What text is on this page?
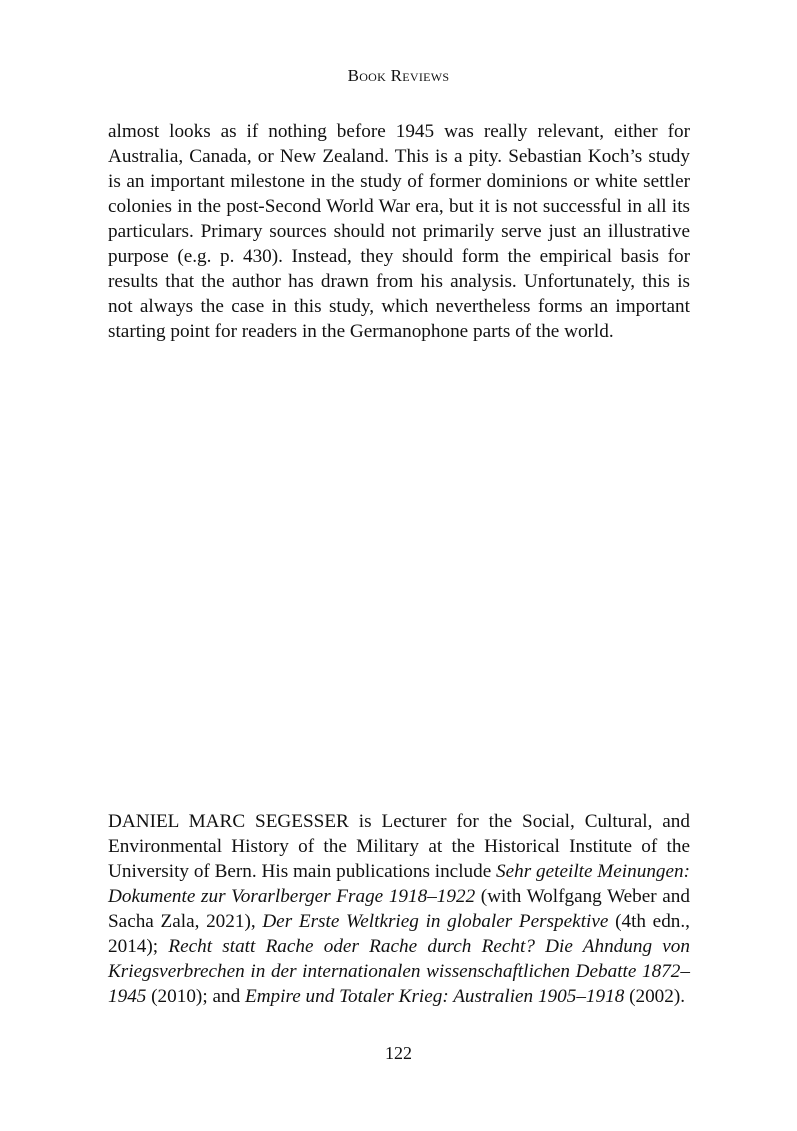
Book Reviews

almost looks as if nothing before 1945 was really relevant, either for Australia, Canada, or New Zealand. This is a pity. Sebastian Koch’s study is an important milestone in the study of former dominions or white settler colonies in the post-Second World War era, but it is not successful in all its particulars. Primary sources should not primarily serve just an illustrative purpose (e.g. p. 430). Instead, they should form the empirical basis for results that the author has drawn from his analysis. Unfortunately, this is not always the case in this study, which nevertheless forms an important starting point for readers in the Germanophone parts of the world.

DANIEL MARC SEGESSER is Lecturer for the Social, Cultural, and Environmental History of the Military at the Historical Institute of the University of Bern. His main publications include Sehr geteilte Meinungen: Dokumente zur Vorarlberger Frage 1918–1922 (with Wolfgang Weber and Sacha Zala, 2021), Der Erste Weltkrieg in globaler Perspektive (4th edn., 2014); Recht statt Rache oder Rache durch Recht? Die Ahndung von Kriegsverbrechen in der internationalen wissenschaftlichen Debatte 1872–1945 (2010); and Empire und Totaler Krieg: Australien 1905–1918 (2002).

122
